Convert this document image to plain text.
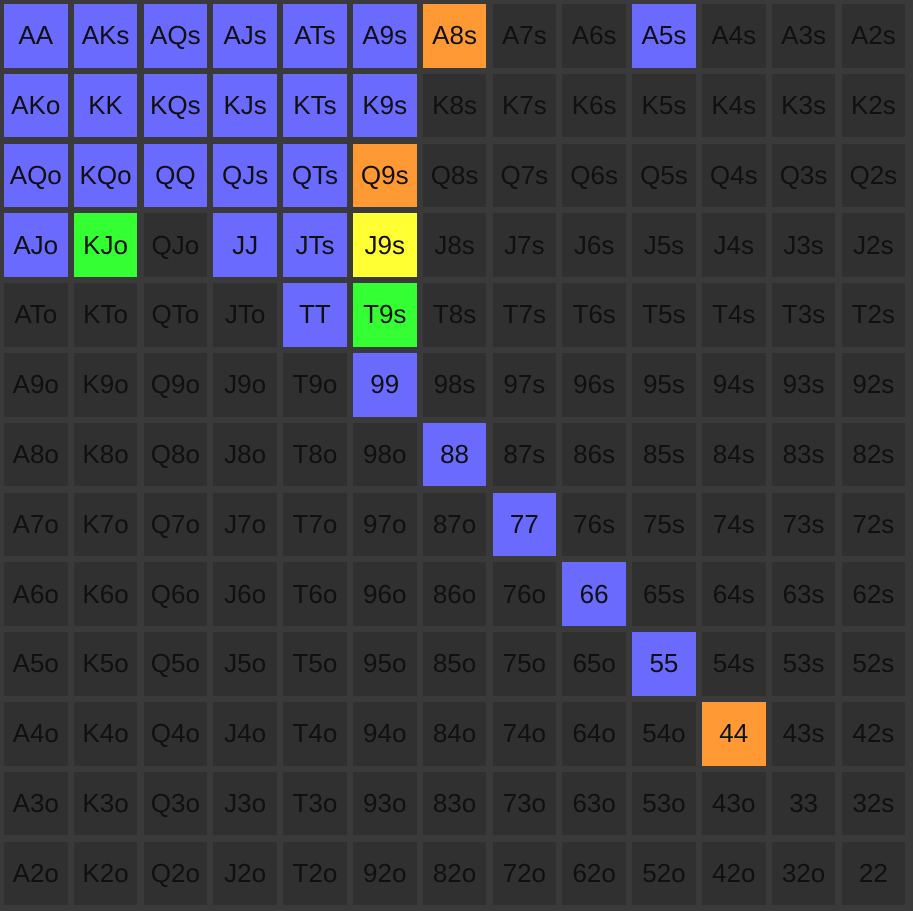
AA	AKs AQs AJs	ATs	A9s A8s A7s A6s A5s A4s A3s A2s
AKo	KK	KQs KJs	KTs K9s K8s K7s K6s K5s K4s K3s K2s
AQo KQo QQ	QJs QTs Q9s Q8s Q7s Q6s Q5s Q4s Q3s Q2s
AJo KJo QJo	JJ	JTs	J9s	J8s	J7s	J6s	J5s	J4s	J3s	J2s
ATo KTo QTo JTo	TT	T9s	T8s	T7s	T6s	T5s	T4s	T3s	T2s
A9o K9o Q9o J9o	T9o	99	98s	97s	96s	95s	94s	93s	92s
A8o K8o Q8o J8o	T8o 98o	88	87s	86s	85s	84s	83s	82s
A7o K7o Q7o J7o	T7o 97o	87o	77	76s	75s	74s	73s	72s
A6o K6o Q6o J6o	T6o 96o	86o	76o	66	65s	64s	63s	62s
A5o K5o Q5o J5o	T5o 95o	85o	75o	65o	55	54s	53s	52s
A4o K4o Q4o J4o	T4o 94o	84o	74o	64o	54o	44	43s	42s
A3o K3o Q3o J3o	T3o 93o	83o	73o	63o	53o	43o	33	32s
A2o K2o Q2o J2o	T2o 92o	82o	72o	62o	52o	42o	32o	22
